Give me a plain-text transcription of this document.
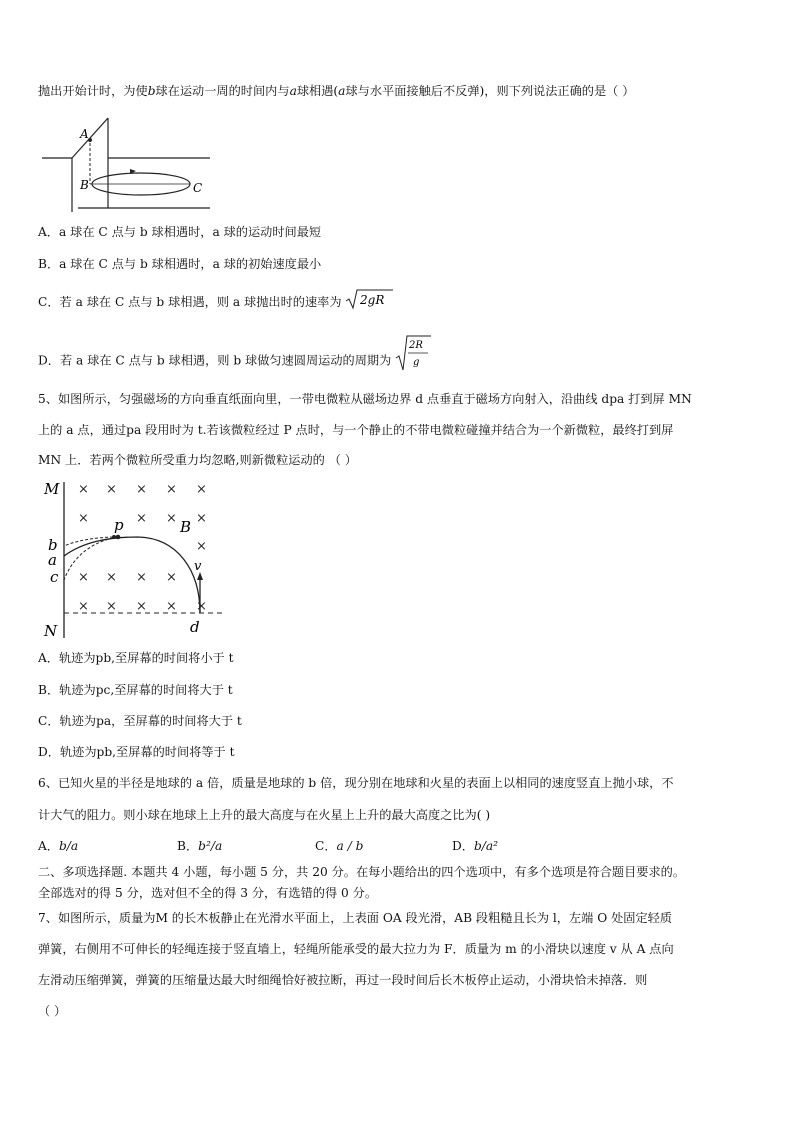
抛出开始计时，为使b球在运动一周的时间内与a球相遇(a球与水平面接触后不反弹)，则下列说法正确的是（ ）
A
B	C
A．a 球在 C 点与 b 球相遇时，a 球的运动时间最短
B．a 球在 C 点与 b 球相遇时，a 球的初始速度最小
C．若 a 球在 C 点与 b 球相遇，则 a 球抛出时的速率为 2gR
D．若 a 球在 C 点与 b 球相遇，则 b 球做匀速圆周运动的周期为
2R
g
5、如图所示，匀强磁场的方向垂直纸面向里，一带电微粒从磁场边界 d 点垂直于磁场方向射入，沿曲线 dpa 打到屏 MN
上的 a 点，通过pa 段用时为 t.若该微粒经过 P 点时，与一个静止的不带电微粒碰撞并结合为一个新微粒，最终打到屏
MN 上．若两个微粒所受重力均忽略,则新微粒运动的 （ ）
M
N
b
a
c
× × × × ×
×	× × ×
×
× × × ×
× × × × ×
p	B
v
d
A．轨迹为pb,至屏幕的时间将小于 t
B．轨迹为pc,至屏幕的时间将大于 t
C．轨迹为pa，至屏幕的时间将大于 t
D．轨迹为pb,至屏幕的时间将等于 t
6、已知火星的半径是地球的 a 倍，质量是地球的 b 倍，现分别在地球和火星的表面上以相同的速度竖直上抛小球，不
计大气的阻力。则小球在地球上上升的最大高度与在火星上上升的最大高度之比为( )
A．b/a	B．b²/a	C．a / b	D．b/a²
二、多项选择题. 本题共 4 小题，每小题 5 分，共 20 分。在每小题给出的四个选项中，有多个选项是符合题目要求的。
全部选对的得 5 分，选对但不全的得 3 分，有选错的得 0 分。
7、如图所示，质量为M 的长木板静止在光滑水平面上，上表面 OA 段光滑，AB 段粗糙且长为 l，左端 O 处固定轻质
弹簧，右侧用不可伸长的轻绳连接于竖直墙上，轻绳所能承受的最大拉力为 F．质量为 m 的小滑块以速度 v 从 A 点向
左滑动压缩弹簧，弹簧的压缩量达最大时细绳恰好被拉断，再过一段时间后长木板停止运动，小滑块恰未掉落．则
（ ）
